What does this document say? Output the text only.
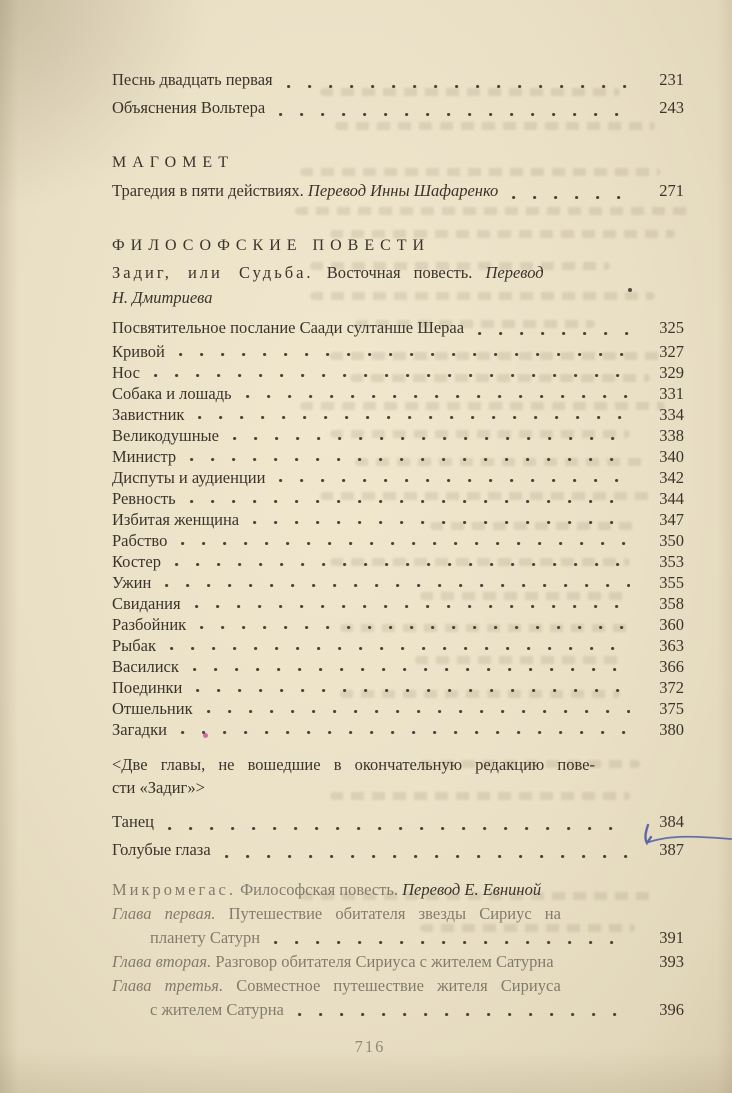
Песнь двадцать первая	231
Объяснения Вольтера	243
МАГОМЕТ
Трагедия в пяти действиях. Перевод Инны Шафаренко	271
ФИЛОСОФСКИЕ ПОВЕСТИ
Задиг, или Судьба. Восточная повесть. Перевод
Н. Дмитриева
Посвятительное послание Саади султанше Шераа	325
Кривой	327
Нос	329
Собака и лошадь	331
Завистник	334
Великодушные	338
Министр	340
Диспуты и аудиенции	342
Ревность	344
Избитая женщина	347
Рабство	350
Костер	353
Ужин	355
Свидания	358
Разбойник	360
Рыбак	363
Василиск	366
Поединки	372
Отшельник	375
Загадки	380
<Две главы, не вошедшие в окончательную редакцию пове-
сти «Задиг»>
Танец	384
Голубые глаза	387
Микромегас. Философская повесть. Перевод Е. Евниной
Глава первая. Путешествие обитателя звезды Сириус на
планету Сатурн	391
Глава вторая. Разговор обитателя Сириуса с жителем Сатурна	393
Глава третья. Совместное путешествие жителя Сириуса
с жителем Сатурна	396
716
